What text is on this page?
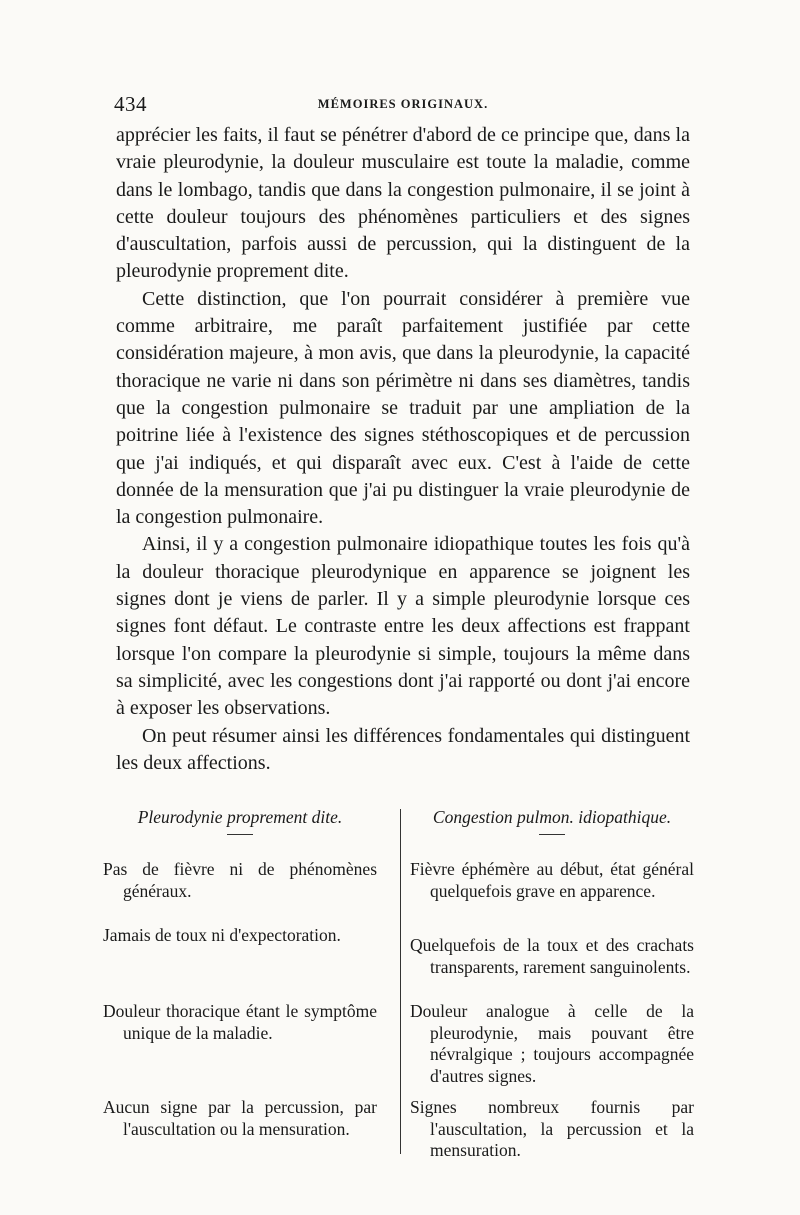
434	MÉMOIRES ORIGINAUX.

apprécier les faits, il faut se pénétrer d'abord de ce principe que, dans la vraie pleurodynie, la douleur musculaire est toute la maladie, comme dans le lombago, tandis que dans la congestion pulmonaire, il se joint à cette douleur toujours des phénomènes particuliers et des signes d'auscultation, parfois aussi de percussion, qui la distinguent de la pleurodynie proprement dite.

Cette distinction, que l'on pourrait considérer à première vue comme arbitraire, me paraît parfaitement justifiée par cette considération majeure, à mon avis, que dans la pleurodynie, la capacité thoracique ne varie ni dans son périmètre ni dans ses diamètres, tandis que la congestion pulmonaire se traduit par une ampliation de la poitrine liée à l'existence des signes stéthoscopiques et de percussion que j'ai indiqués, et qui disparaît avec eux. C'est à l'aide de cette donnée de la mensuration que j'ai pu distinguer la vraie pleurodynie de la congestion pulmonaire.

Ainsi, il y a congestion pulmonaire idiopathique toutes les fois qu'à la douleur thoracique pleurodynique en apparence se joignent les signes dont je viens de parler. Il y a simple pleurodynie lorsque ces signes font défaut. Le contraste entre les deux affections est frappant lorsque l'on compare la pleurodynie si simple, toujours la même dans sa simplicité, avec les congestions dont j'ai rapporté ou dont j'ai encore à exposer les observations.

On peut résumer ainsi les différences fondamentales qui distinguent les deux affections.

Pleurodynie proprement dite.
Pas de fièvre ni de phénomènes généraux.
Jamais de toux ni d'expectoration.
Douleur thoracique étant le symptôme unique de la maladie.
Aucun signe par la percussion, par l'auscultation ou la mensuration.
Congestion pulmon. idiopathique.
Fièvre éphémère au début, état général quelquefois grave en apparence.
Quelquefois de la toux et des crachats transparents, rarement sanguinolents.
Douleur analogue à celle de la pleurodynie, mais pouvant être névralgique ; toujours accompagnée d'autres signes.
Signes nombreux fournis par l'auscultation, la percussion et la mensuration.
